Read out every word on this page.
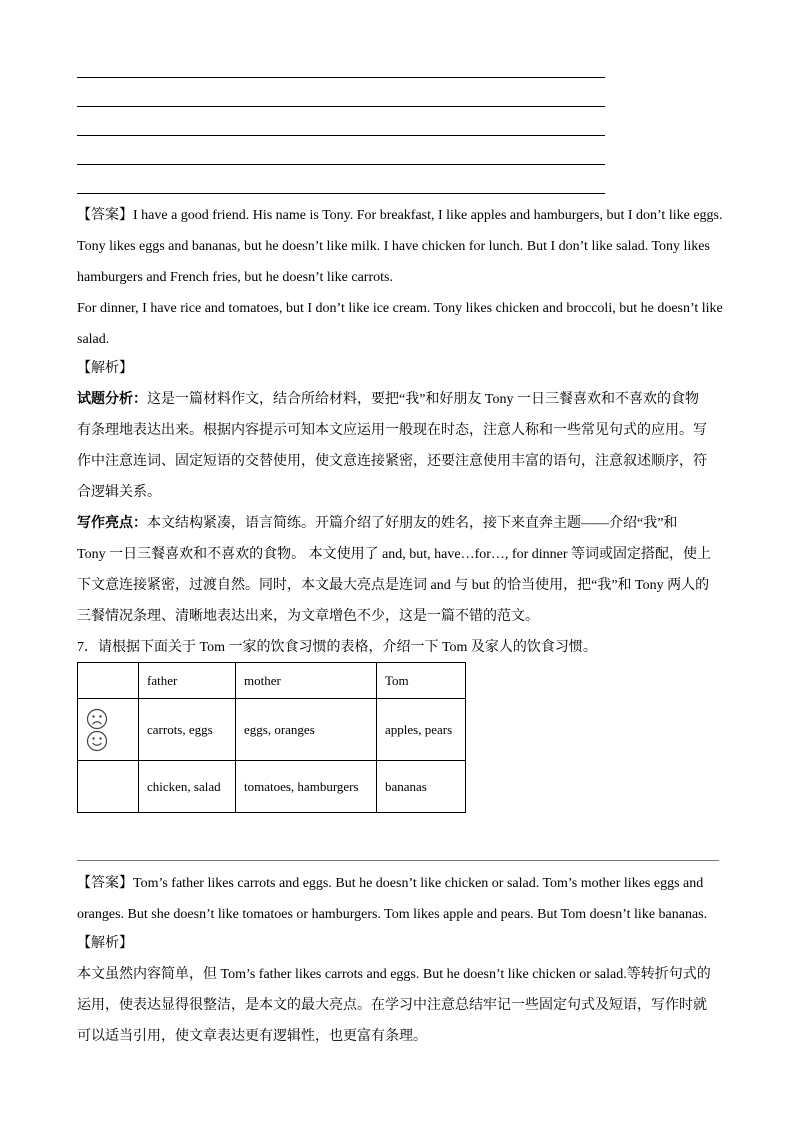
【答案】I have a good friend. His name is Tony. For breakfast, I like apples and hamburgers, but I don’t like eggs.
Tony likes eggs and bananas, but he doesn’t like milk. I have chicken for lunch. But I don’t like salad. Tony likes
hamburgers and French fries, but he doesn’t like carrots.
For dinner, I have rice and tomatoes, but I don’t like ice cream. Tony likes chicken and broccoli, but he doesn’t like
salad.
【解析】
试题分析：这是一篇材料作文，结合所给材料，要把“我”和好朋友 Tony 一日三餐喜欢和不喜欢的食物
有条理地表达出来。根据内容提示可知本文应运用一般现在时态，注意人称和一些常见句式的应用。写
作中注意连词、固定短语的交替使用，使文意连接紧密，还要注意使用丰富的语句，注意叙述顺序，符
合逻辑关系。
写作亮点：本文结构紧凑，语言简练。开篇介绍了好朋友的姓名，接下来直奔主题——介绍“我”和
Tony 一日三餐喜欢和不喜欢的食物。 本文使用了 and, but, have…for…, for dinner 等词或固定搭配，使上
下文意连接紧密，过渡自然。同时，本文最大亮点是连词 and 与 but 的恰当使用，把“我”和 Tony 两人的
三餐情况条理、清晰地表达出来，为文章增色不少，这是一篇不错的范文。
7．请根据下面关于 Tom 一家的饮食习惯的表格，介绍一下 Tom 及家人的饮食习惯。
	father	mother	Tom

	carrots, eggs	eggs, oranges	apples, pears
	chicken, salad	tomatoes, hamburgers	bananas
【答案】Tom’s father likes carrots and eggs. But he doesn’t like chicken or salad. Tom’s mother likes eggs and
oranges. But she doesn’t like tomatoes or hamburgers. Tom likes apple and pears. But Tom doesn’t like bananas.
【解析】
本文虽然内容简单，但 Tom’s father likes carrots and eggs. But he doesn’t like chicken or salad.等转折句式的
运用，使表达显得很整洁，是本文的最大亮点。在学习中注意总结牢记一些固定句式及短语，写作时就
可以适当引用，使文章表达更有逻辑性，也更富有条理。
